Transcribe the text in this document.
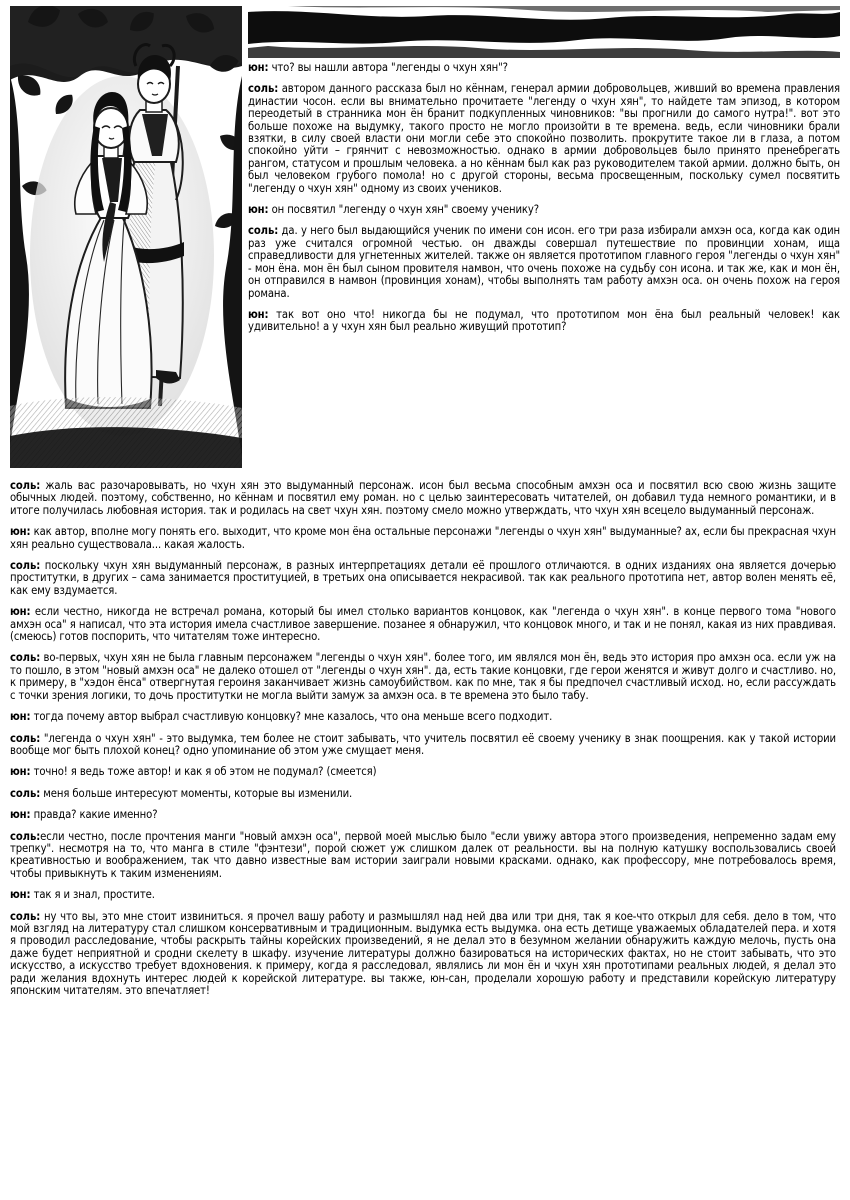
юн: что? вы нашли автора "легенды о чхун хян"?

соль: автором данного рассказа был но кённам, генерал армии добровольцев, живший во времена правления династии чосон. если вы внимательно прочитаете "легенду о чхун хян", то найдете там эпизод, в котором переодетый в странника мон ён бранит подкупленных чиновников: "вы прогнили до самого нутра!". вот это больше похоже на выдумку, такого просто не могло произойти в те времена. ведь, если чиновники брали взятки, в силу своей власти они могли себе это спокойно позволить. прокрутите такое ли в глаза, а потом спокойно уйти – грянчит с невозможностью. однако в армии добровольцев было принято пренебрегать рангом, статусом и прошлым человека. а но кённам был как раз руководителем такой армии. должно быть, он был человеком грубого помола! но с другой стороны, весьма просвещенным, поскольку сумел посвятить "легенду о чхун хян" одному из своих учеников.

юн: он посвятил "легенду о чхун хян" своему ученику?

соль: да. у него был выдающийся ученик по имени сон исон. его три раза избирали амхэн оса, когда как один раз уже считался огромной честью. он дважды совершал путешествие по провинции хонам, ища справедливости для угнетенных жителей. также он является прототипом главного героя "легенды о чхун хян" - мон ёна. мон ён был сыном провителя намвон, что очень похоже на судьбу сон исона. и так же, как и мон ён, он отправился в намвон (провинция хонам), чтобы выполнять там работу амхэн оса. он очень похож на героя романа.

юн: так вот оно что! никогда бы не подумал, что прототипом мон ёна был реальный человек! как удивительно! а у чхун хян был реально живущий прототип?

соль: жаль вас разочаровывать, но чхун хян это выдуманный персонаж. исон был весьма способным амхэн оса и посвятил всю свою жизнь защите обычных людей. поэтому, собственно, но кённам и посвятил ему роман. но с целью заинтересовать читателей, он добавил туда немного романтики, и в итоге получилась любовная история. так и родилась на свет чхун хян. поэтому смело можно утверждать, что чхун хян всецело выдуманный персонаж.

юн: как автор, вполне могу понять его. выходит, что кроме мон ёна остальные персонажи "легенды о чхун хян" выдуманные? ах, если бы прекрасная чхун хян реально существовала... какая жалость.

соль: поскольку чхун хян выдуманный персонаж, в разных интерпретациях детали её прошлого отличаются. в одних изданиях она является дочерью проститутки, в других – сама занимается проституцией, в третьих она описывается некрасивой. так как реального прототипа нет, автор волен менять её, как ему вздумается.

юн: если честно, никогда не встречал романа, который бы имел столько вариантов концовок, как "легенда о чхун хян". в конце первого тома "нового амхэн оса" я написал, что эта история имела счастливое завершение. позанее я обнаружил, что концовок много, и так и не понял, какая из них правдивая. (смеюсь) готов поспорить, что читателям тоже интересно.

соль: во-первых, чхун хян не была главным персонажем "легенды о чхун хян". более того, им являлся мон ён, ведь это история про амхэн оса. если уж на то пошло, в этом "новый амхэн оса" не далеко отошел от "легенды о чхун хян". да, есть такие концовки, где герои женятся и живут долго и счастливо. но, к примеру, в "хэдон ёнса" отвергнутая героиня заканчивает жизнь самоубийством. как по мне, так я бы предпочел счастливый исход. но, если рассуждать с точки зрения логики, то дочь проститутки не могла выйти замуж за амхэн оса. в те времена это было табу.

юн: тогда почему автор выбрал счастливую концовку? мне казалось, что она меньше всего подходит.

соль: "легенда о чхун хян" - это выдумка, тем более не стоит забывать, что учитель посвятил её своему ученику в знак поощрения. как у такой истории вообще мог быть плохой конец? одно упоминание об этом уже смущает меня.

юн: точно! я ведь тоже автор! и как я об этом не подумал? (смеется)

соль: меня больше интересуют моменты, которые вы изменили.

юн: правда? какие именно?

соль:если честно, после прочтения манги "новый амхэн оса", первой моей мыслью было "если увижу автора этого произведения, непременно задам ему трепку". несмотря на то, что манга в стиле "фэнтези", порой сюжет уж слишком далек от реальности. вы на полную катушку воспользовались своей креативностью и воображением, так что давно известные вам истории заиграли новыми красками. однако, как профессору, мне потребовалось время, чтобы привыкнуть к таким изменениям.

юн: так я и знал, простите.

соль: ну что вы, это мне стоит извиниться. я прочел вашу работу и размышлял над ней два или три дня, так я кое-что открыл для себя. дело в том, что мой взгляд на литературу стал слишком консервативным и традиционным. выдумка есть выдумка. она есть детище уважаемых обладателей пера. и хотя я проводил расследование, чтобы раскрыть тайны корейских произведений, я не делал это в безумном желании обнаружить каждую мелочь, пусть она даже будет неприятной и сродни скелету в шкафу. изучение литературы должно базироваться на исторических фактах, но не стоит забывать, что это искусство, а искусство требует вдохновения. к примеру, когда я расследовал, являлись ли мон ён и чхун хян прототипами реальных людей, я делал это ради желания вдохнуть интерес людей к корейской литературе. вы также, юн-сан, проделали хорошую работу и представили корейскую литературу японским читателям. это впечатляет!
